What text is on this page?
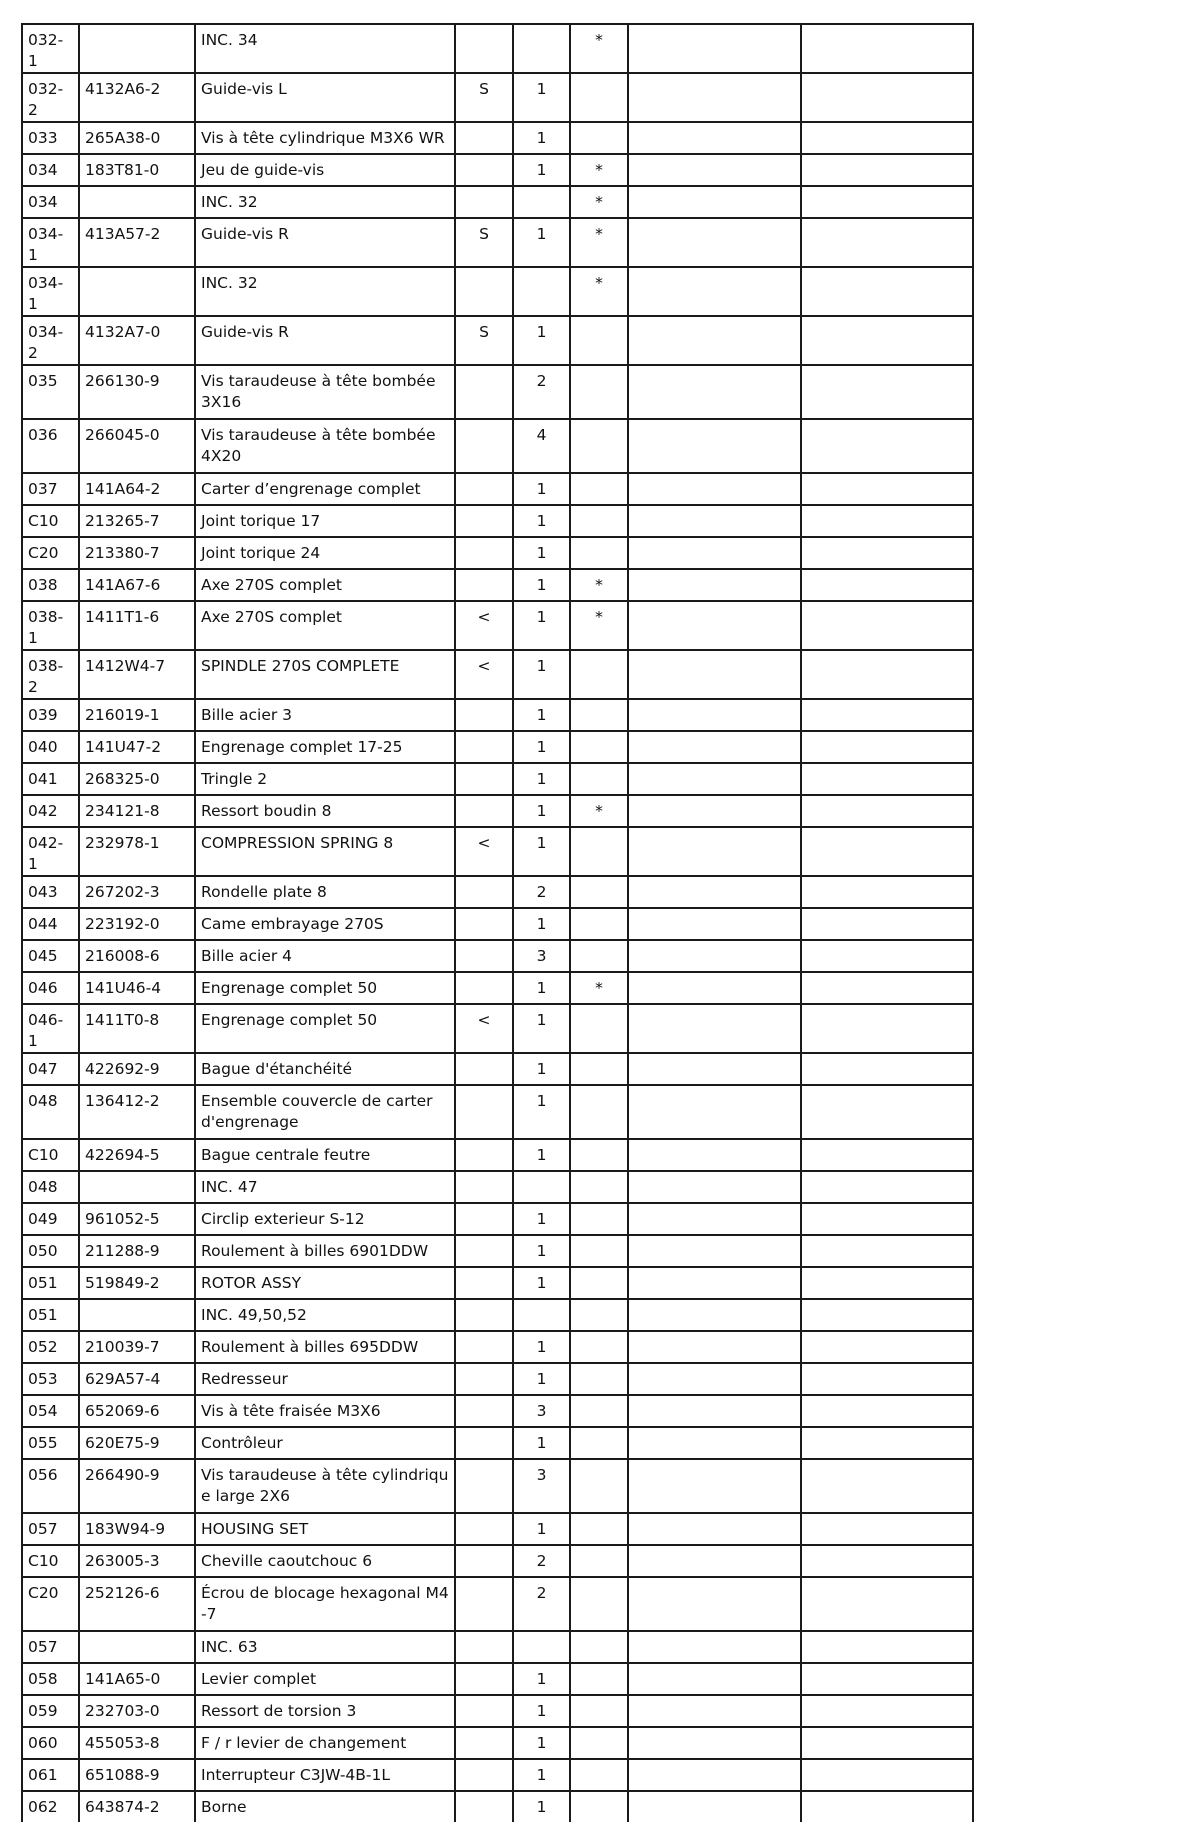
032-1		INC. 34			*		
032-2	4132A6-2	Guide-vis L	S	1			
033	265A38-0	Vis à tête cylindrique M3X6 WR		1			
034	183T81-0	Jeu de guide-vis		1	*		
034		INC. 32			*		
034-1	413A57-2	Guide-vis R	S	1	*		
034-1		INC. 32			*		
034-2	4132A7-0	Guide-vis R	S	1			
035	266130-9	Vis taraudeuse à tête bombée 3X16		2			
036	266045-0	Vis taraudeuse à tête bombée 4X20		4			
037	141A64-2	Carter d’engrenage complet		1			
C10	213265-7	Joint torique 17		1			
C20	213380-7	Joint torique 24		1			
038	141A67-6	Axe 270S complet		1	*		
038-1	1411T1-6	Axe 270S complet	<	1	*		
038-2	1412W4-7	SPINDLE 270S COMPLETE	<	1			
039	216019-1	Bille acier 3		1			
040	141U47-2	Engrenage complet 17-25		1			
041	268325-0	Tringle 2		1			
042	234121-8	Ressort boudin 8		1	*		
042-1	232978-1	COMPRESSION SPRING 8	<	1			
043	267202-3	Rondelle plate 8		2			
044	223192-0	Came embrayage 270S		1			
045	216008-6	Bille acier 4		3			
046	141U46-4	Engrenage complet 50		1	*		
046-1	1411T0-8	Engrenage complet 50	<	1			
047	422692-9	Bague d'étanchéité		1			
048	136412-2	Ensemble couvercle de carter d'engrenage		1			
C10	422694-5	Bague centrale feutre		1			
048		INC. 47					
049	961052-5	Circlip exterieur S-12		1			
050	211288-9	Roulement à billes 6901DDW		1			
051	519849-2	ROTOR ASSY		1			
051		INC. 49,50,52					
052	210039-7	Roulement à billes 695DDW		1			
053	629A57-4	Redresseur		1			
054	652069-6	Vis à tête fraisée M3X6		3			
055	620E75-9	Contrôleur		1			
056	266490-9	Vis taraudeuse à tête cylindrique large 2X6		3			
057	183W94-9	HOUSING SET		1			
C10	263005-3	Cheville caoutchouc 6		2			
C20	252126-6	Écrou de blocage hexagonal M4-7		2			
057		INC. 63					
058	141A65-0	Levier complet		1			
059	232703-0	Ressort de torsion 3		1			
060	455053-8	F / r levier de changement		1			
061	651088-9	Interrupteur C3JW-4B-1L		1			
062	643874-2	Borne		1			
